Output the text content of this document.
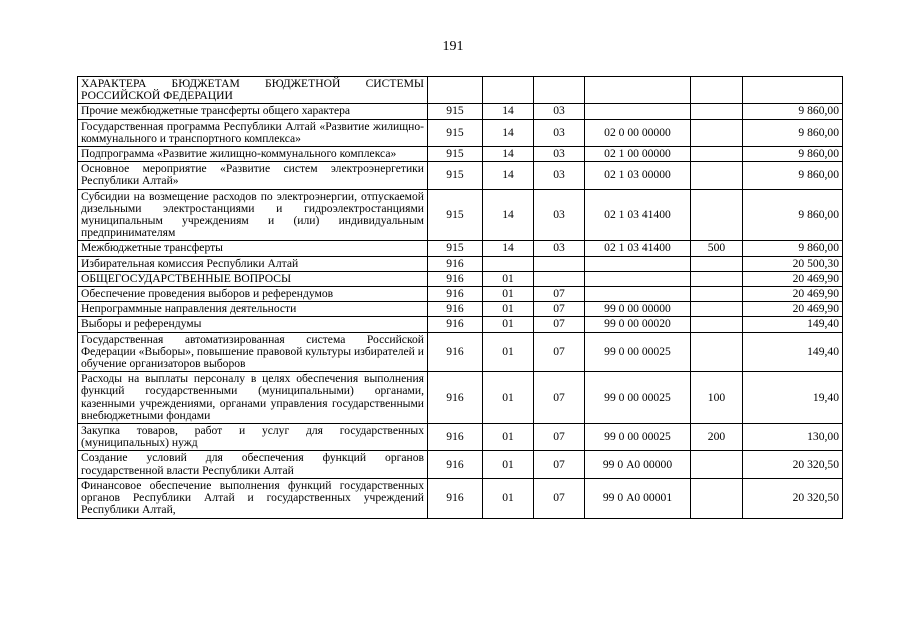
191
ХАРАКТЕРА БЮДЖЕТАМ БЮДЖЕТНОЙ СИСТЕМЫ РОССИЙСКОЙ ФЕДЕРАЦИИ						
Прочие межбюджетные трансферты общего характера	915	14	03			9 860,00
Государственная программа Республики Алтай «Развитие жилищно-коммунального и транспортного комплекса»	915	14	03	02 0 00 00000		9 860,00
Подпрограмма «Развитие жилищно-коммунального комплекса»	915	14	03	02 1 00 00000		9 860,00
Основное мероприятие «Развитие систем электроэнергетики Республики Алтай»	915	14	03	02 1 03 00000		9 860,00
Субсидии на возмещение расходов по электроэнергии, отпускаемой дизельными электростанциями и гидроэлектростанциями муниципальным учреждениям и (или) индивидуальным предпринимателям	915	14	03	02 1 03 41400		9 860,00
Межбюджетные трансферты	915	14	03	02 1 03 41400	500	9 860,00
Избирательная комиссия Республики Алтай	916					20 500,30
ОБЩЕГОСУДАРСТВЕННЫЕ ВОПРОСЫ	916	01				20 469,90
Обеспечение проведения выборов и референдумов	916	01	07			20 469,90
Непрограммные направления деятельности	916	01	07	99 0 00 00000		20 469,90
Выборы и референдумы	916	01	07	99 0 00 00020		149,40
Государственная автоматизированная система Российской Федерации «Выборы», повышение правовой культуры избирателей и обучение организаторов выборов	916	01	07	99 0 00 00025		149,40
Расходы на выплаты персоналу в целях обеспечения выполнения функций государственными (муниципальными) органами, казенными учреждениями, органами управления государственными внебюджетными фондами	916	01	07	99 0 00 00025	100	19,40
Закупка товаров, работ и услуг для государственных (муниципальных) нужд	916	01	07	99 0 00 00025	200	130,00
Создание условий для обеспечения функций органов государственной власти Республики Алтай	916	01	07	99 0 А0 00000		20 320,50
Финансовое обеспечение выполнения функций государственных органов Республики Алтай и государственных учреждений Республики Алтай,	916	01	07	99 0 А0 00001		20 320,50
